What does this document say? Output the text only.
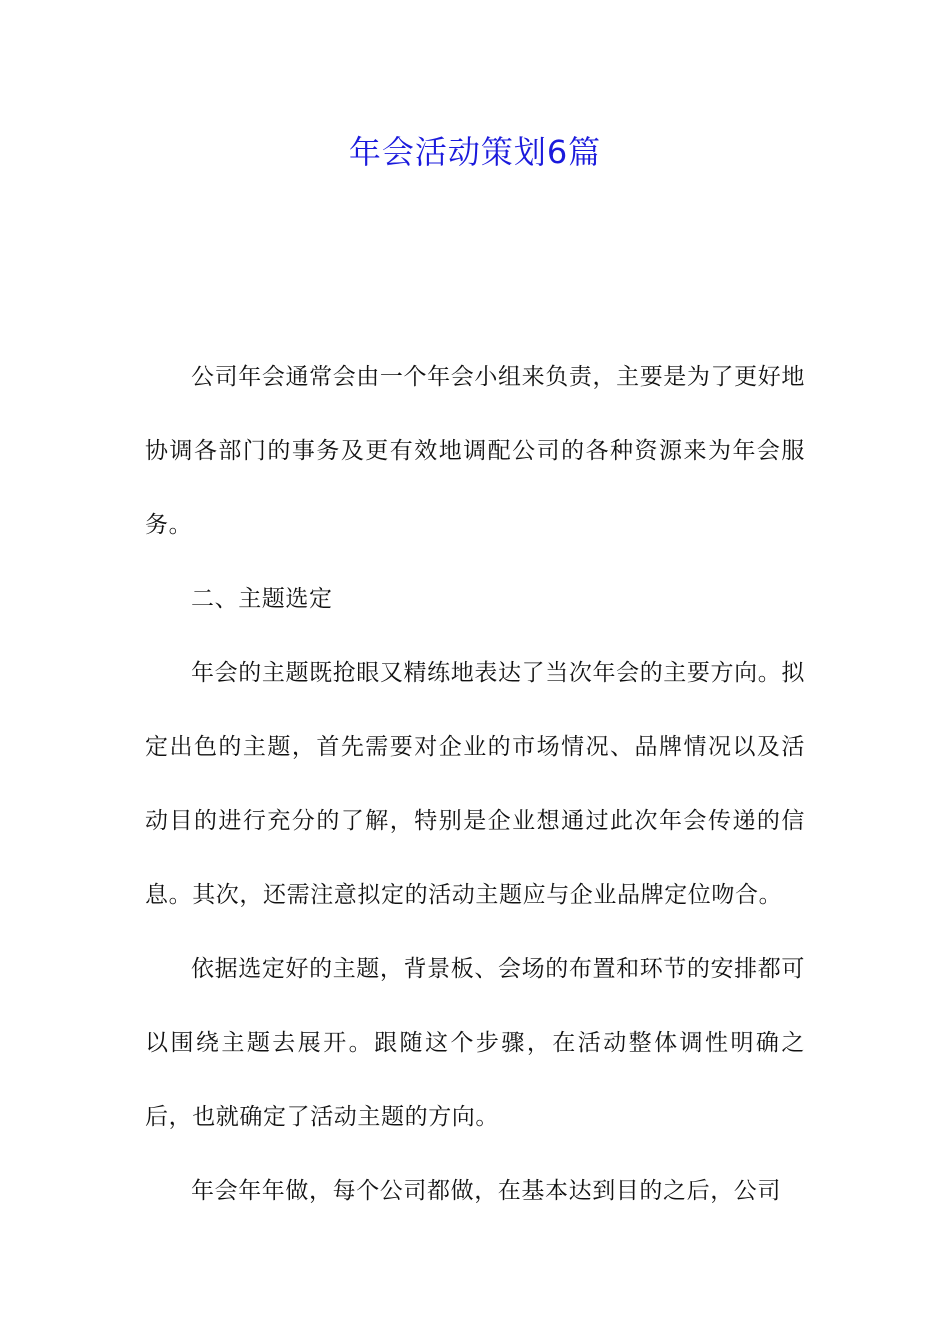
年会活动策划6篇

公司年会通常会由一个年会小组来负责，主要是为了更好地协调各部门的事务及更有效地调配公司的各种资源来为年会服务。

二、主题选定

年会的主题既抢眼又精练地表达了当次年会的主要方向。拟定出色的主题，首先需要对企业的市场情况、品牌情况以及活动目的进行充分的了解，特别是企业想通过此次年会传递的信息。其次，还需注意拟定的活动主题应与企业品牌定位吻合。

依据选定好的主题，背景板、会场的布置和环节的安排都可以围绕主题去展开。跟随这个步骤，在活动整体调性明确之后，也就确定了活动主题的方向。

年会年年做，每个公司都做，在基本达到目的之后，公司
